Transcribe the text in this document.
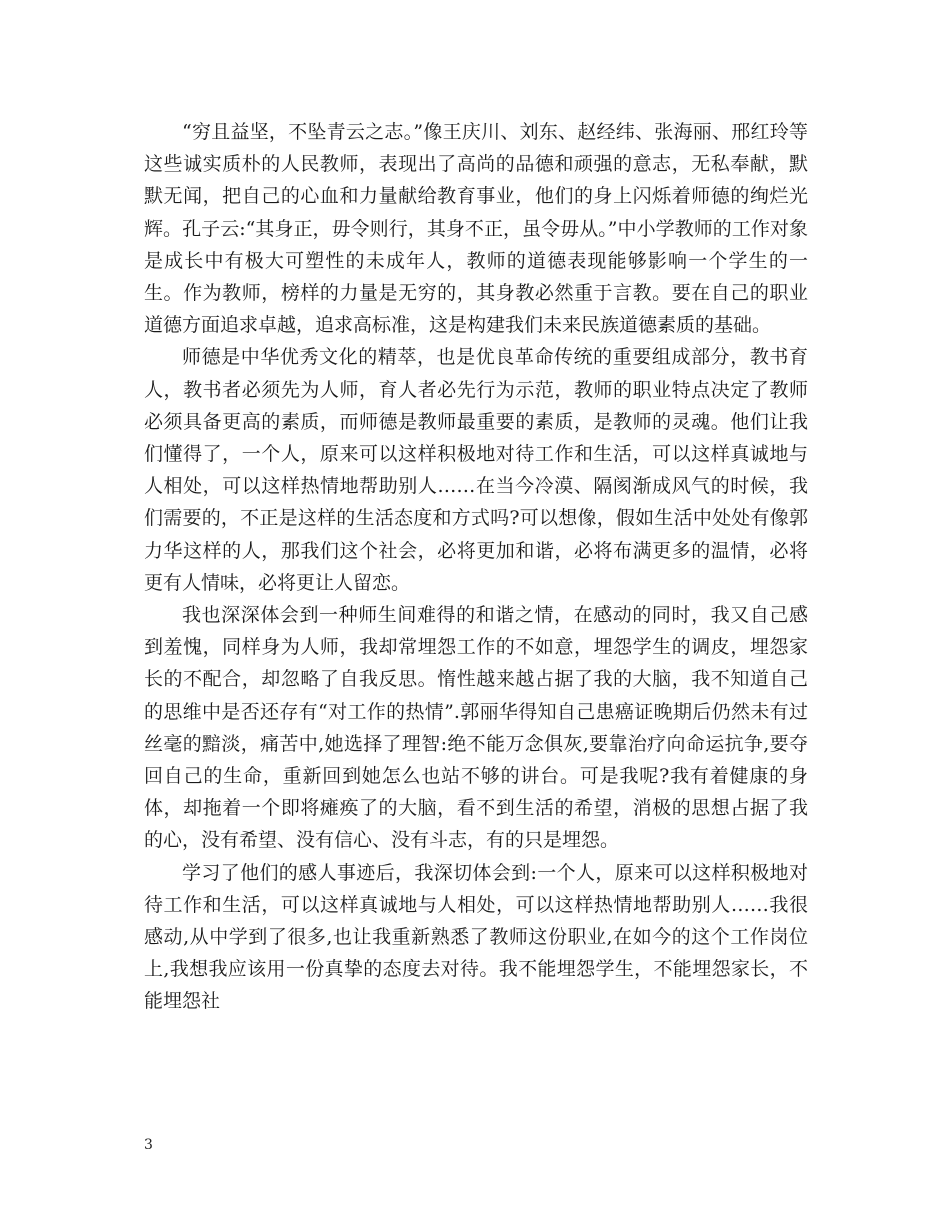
“穷且益坚，不坠青云之志。”像王庆川、刘东、赵经纬、张海丽、邢红玲等这些诚实质朴的人民教师，表现出了高尚的品德和顽强的意志，无私奉献，默默无闻，把自己的心血和力量献给教育事业，他们的身上闪烁着师德的绚烂光辉。孔子云:“其身正，毋令则行，其身不正，虽令毋从。”中小学教师的工作对象是成长中有极大可塑性的未成年人，教师的道德表现能够影响一个学生的一生。作为教师，榜样的力量是无穷的，其身教必然重于言教。要在自己的职业道德方面追求卓越，追求高标准，这是构建我们未来民族道德素质的基础。

师德是中华优秀文化的精萃，也是优良革命传统的重要组成部分，教书育人，教书者必须先为人师，育人者必先行为示范，教师的职业特点决定了教师必须具备更高的素质，而师德是教师最重要的素质，是教师的灵魂。他们让我们懂得了，一个人，原来可以这样积极地对待工作和生活，可以这样真诚地与人相处，可以这样热情地帮助别人……在当今冷漠、隔阂渐成风气的时候，我们需要的，不正是这样的生活态度和方式吗?可以想像，假如生活中处处有像郭力华这样的人，那我们这个社会，必将更加和谐，必将布满更多的温情，必将更有人情味，必将更让人留恋。

我也深深体会到一种师生间难得的和谐之情，在感动的同时，我又自己感到羞愧，同样身为人师，我却常埋怨工作的不如意，埋怨学生的调皮，埋怨家长的不配合，却忽略了自我反思。惰性越来越占据了我的大脑，我不知道自己的思维中是否还存有“对工作的热情”.郭丽华得知自己患癌证晚期后仍然未有过丝毫的黯淡，痛苦中,她选择了理智:绝不能万念俱灰,要靠治疗向命运抗争,要夺回自己的生命，重新回到她怎么也站不够的讲台。可是我呢?我有着健康的身体，却拖着一个即将瘫痪了的大脑，看不到生活的希望，消极的思想占据了我的心，没有希望、没有信心、没有斗志，有的只是埋怨。

学习了他们的感人事迹后，我深切体会到:一个人，原来可以这样积极地对待工作和生活，可以这样真诚地与人相处，可以这样热情地帮助别人……我很感动,从中学到了很多,也让我重新熟悉了教师这份职业,在如今的这个工作岗位上,我想我应该用一份真挚的态度去对待。我不能埋怨学生，不能埋怨家长，不能埋怨社

3
